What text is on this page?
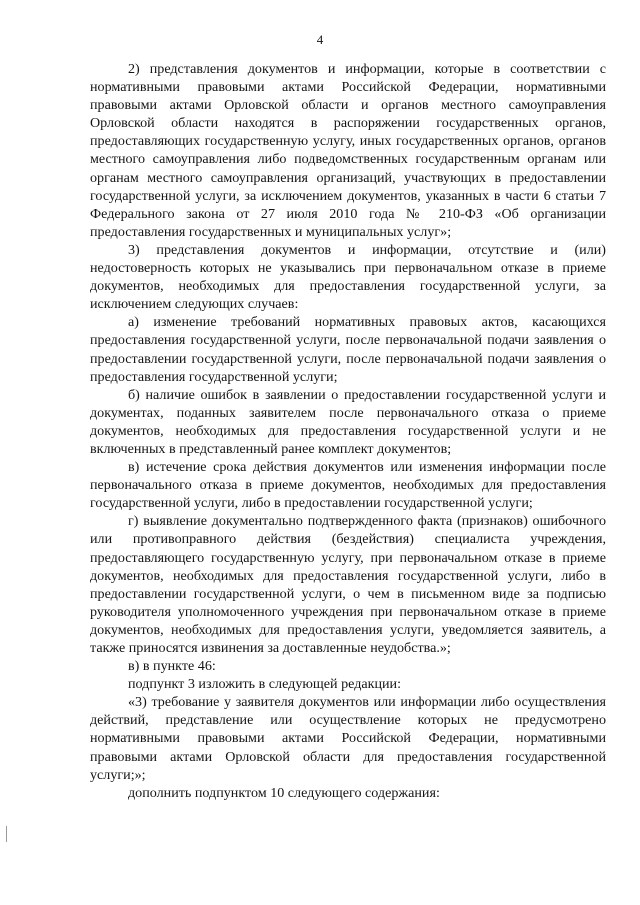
4

2) представления документов и информации, которые в соответствии с нормативными правовыми актами Российской Федерации, нормативными правовыми актами Орловской области и органов местного самоуправления Орловской области находятся в распоряжении государственных органов, предоставляющих государственную услугу, иных государственных органов, органов местного самоуправления либо подведомственных государственным органам или органам местного самоуправления организаций, участвующих в предоставлении государственной услуги, за исключением документов, указанных в части 6 статьи 7 Федерального закона от 27 июля 2010 года № 210-ФЗ «Об организации предоставления государственных и муниципальных услуг»;

3) представления документов и информации, отсутствие и (или) недостоверность которых не указывались при первоначальном отказе в приеме документов, необходимых для предоставления государственной услуги, за исключением следующих случаев:

а) изменение требований нормативных правовых актов, касающихся предоставления государственной услуги, после первоначальной подачи заявления о предоставлении государственной услуги, после первоначальной подачи заявления о предоставления государственной услуги;

б) наличие ошибок в заявлении о предоставлении государственной услуги и документах, поданных заявителем после первоначального отказа о приеме документов, необходимых для предоставления государственной услуги и не включенных в представленный ранее комплект документов;

в) истечение срока действия документов или изменения информации после первоначального отказа в приеме документов, необходимых для предоставления государственной услуги, либо в предоставлении государственной услуги;

г) выявление документально подтвержденного факта (признаков) ошибочного или противоправного действия (бездействия) специалиста учреждения, предоставляющего государственную услугу, при первоначальном отказе в приеме документов, необходимых для предоставления государственной услуги, либо в предоставлении государственной услуги, о чем в письменном виде за подписью руководителя уполномоченного учреждения при первоначальном отказе в приеме документов, необходимых для предоставления услуги, уведомляется заявитель, а также приносятся извинения за доставленные неудобства.»;

в) в пункте 46:

подпункт 3 изложить в следующей редакции:

«3) требование у заявителя документов или информации либо осуществления действий, представление или осуществление которых не предусмотрено нормативными правовыми актами Российской Федерации, нормативными правовыми актами Орловской области для предоставления государственной услуги;»;

дополнить подпунктом 10 следующего содержания:
